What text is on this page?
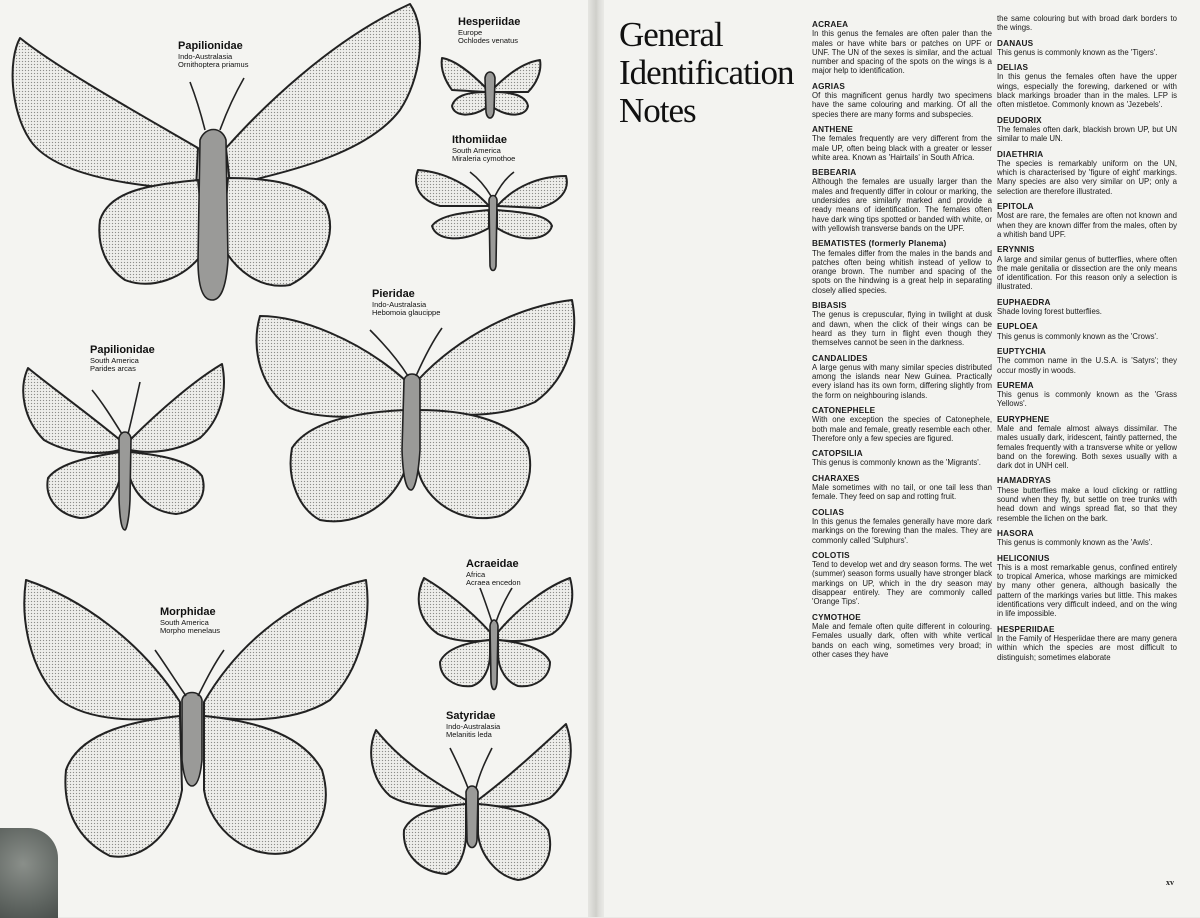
Papilionidae
Indo-Australasia
Ornithoptera priamus
Hesperiidae
Europe
Ochlodes venatus
Ithomiidae
South America
Miraleria cymothoe
Pieridae
Indo-Australasia
Hebomoia glaucippe
Papilionidae
South America
Parides arcas
Acraeidae
Africa
Acraea encedon
Morphidae
South America
Morpho menelaus
Satyridae
Indo-Australasia
Melanitis leda
General
Identification
Notes
ACRAEA
In this genus the females are often paler than the males or have white bars or patches on UPF or UNF. The UN of the sexes is similar, and the actual number and spacing of the spots on the wings is a major help to identification.
AGRIAS
Of this magnificent genus hardly two specimens have the same colouring and marking. Of all the species there are many forms and subspecies.
ANTHENE
The females frequently are very different from the male UP, often being black with a greater or lesser white area. Known as 'Hairtails' in South Africa.
BEBEARIA
Although the females are usually larger than the males and frequently differ in colour or marking, the undersides are similarly marked and provide a ready means of identification. The females often have dark wing tips spotted or banded with white, or with yellowish transverse bands on the UPF.
BEMATISTES (formerly Planema)
The females differ from the males in the bands and patches often being whitish instead of yellow to orange brown. The number and spacing of the spots on the hindwing is a great help in separating closely allied species.
BIBASIS
The genus is crepuscular, flying in twilight at dusk and dawn, when the click of their wings can be heard as they turn in flight even though they themselves cannot be seen in the darkness.
CANDALIDES
A large genus with many similar species distributed among the islands near New Guinea. Practically every island has its own form, differing slightly from the form on neighbouring islands.
CATONEPHELE
With one exception the species of Catonephele, both male and female, greatly resemble each other. Therefore only a few species are figured.
CATOPSILIA
This genus is commonly known as the 'Migrants'.
CHARAXES
Male sometimes with no tail, or one tail less than female. They feed on sap and rotting fruit.
COLIAS
In this genus the females generally have more dark markings on the forewing than the males. They are commonly called 'Sulphurs'.
COLOTIS
Tend to develop wet and dry season forms. The wet (summer) season forms usually have stronger black markings on UP, which in the dry season may disappear entirely. They are commonly called 'Orange Tips'.
CYMOTHOE
Male and female often quite different in colouring. Females usually dark, often with white vertical bands on each wing, sometimes very broad; in other cases they have
the same colouring but with broad dark borders to the wings.
DANAUS
This genus is commonly known as the 'Tigers'.
DELIAS
In this genus the females often have the upper wings, especially the forewing, darkened or with black markings broader than in the males. LFP is often mistletoe. Commonly known as 'Jezebels'.
DEUDORIX
The females often dark, blackish brown UP, but UN similar to male UN.
DIAETHRIA
The species is remarkably uniform on the UN, which is characterised by 'figure of eight' markings. Many species are also very similar on UP; only a selection are therefore illustrated.
EPITOLA
Most are rare, the females are often not known and when they are known differ from the males, often by a whitish band UPF.
ERYNNIS
A large and similar genus of butterflies, where often the male genitalia or dissection are the only means of identification. For this reason only a selection is illustrated.
EUPHAEDRA
Shade loving forest butterflies.
EUPLOEA
This genus is commonly known as the 'Crows'.
EUPTYCHIA
The common name in the U.S.A. is 'Satyrs'; they occur mostly in woods.
EUREMA
This genus is commonly known as the 'Grass Yellows'.
EURYPHENE
Male and female almost always dissimilar. The males usually dark, iridescent, faintly patterned, the females frequently with a transverse white or yellow band on the forewing. Both sexes usually with a dark dot in UNH cell.
HAMADRYAS
These butterflies make a loud clicking or rattling sound when they fly, but settle on tree trunks with head down and wings spread flat, so that they resemble the lichen on the bark.
HASORA
This genus is commonly known as the 'Awls'.
HELICONIUS
This is a most remarkable genus, confined entirely to tropical America, whose markings are mimicked by many other genera, although basically the pattern of the markings varies but little. This makes identifications very difficult indeed, and on the wing in life impossible.
HESPERIIDAE
In the Family of Hesperiidae there are many genera within which the species are most difficult to distinguish; sometimes elaborate
xv
